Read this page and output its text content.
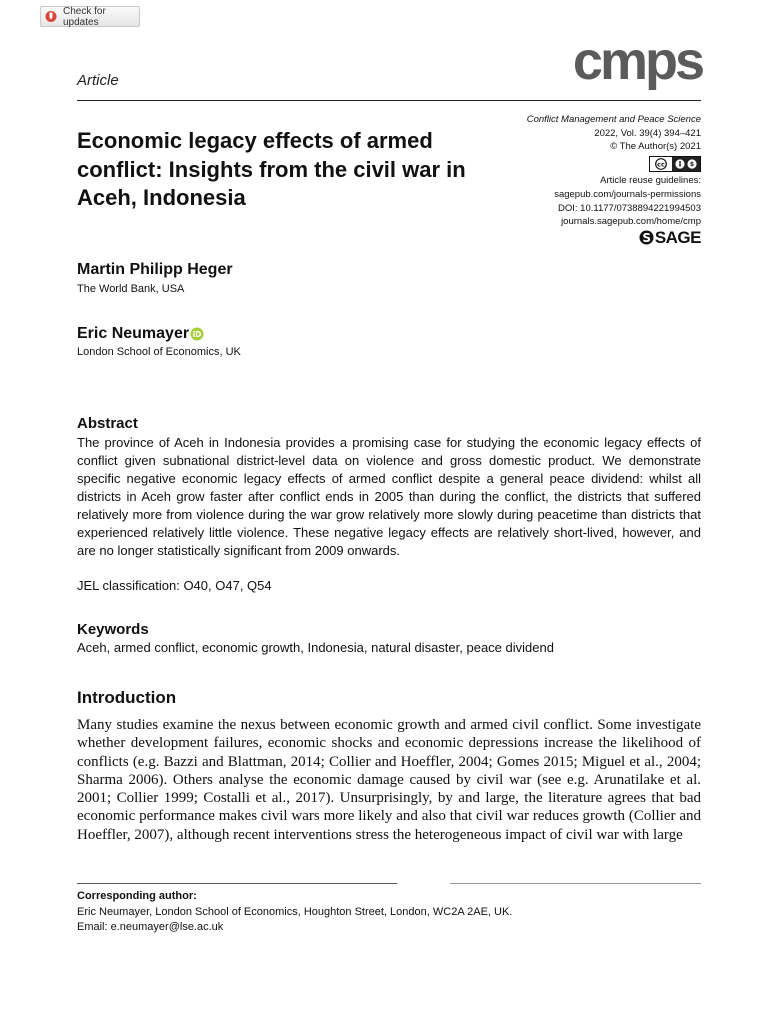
Check for updates
Article	cmps
Conflict Management and Peace Science
2022, Vol. 39(4) 394–421
© The Author(s) 2021
cc	$
Article reuse guidelines:
sagepub.com/journals-permissions
DOI: 10.1177/0738894221994503
journals.sagepub.com/home/cmp
S SAGE
Economic legacy effects of armed conflict: Insights from the civil war in Aceh, Indonesia
Martin Philipp Heger
The World Bank, USA
Eric Neumayer iD
London School of Economics, UK
Abstract

The province of Aceh in Indonesia provides a promising case for studying the economic legacy effects of conflict given subnational district-level data on violence and gross domestic product. We demonstrate specific negative economic legacy effects of armed conflict despite a general peace dividend: whilst all districts in Aceh grow faster after conflict ends in 2005 than during the conflict, the districts that suffered relatively more from violence during the war grow relatively more slowly during peacetime than districts that experienced relatively little violence. These negative legacy effects are relatively short-lived, however, and are no longer statistically significant from 2009 onwards.

JEL classification: O40, O47, Q54
Keywords
Aceh, armed conflict, economic growth, Indonesia, natural disaster, peace dividend
Introduction

Many studies examine the nexus between economic growth and armed civil conflict. Some investigate whether development failures, economic shocks and economic depressions increase the likelihood of conflicts (e.g. Bazzi and Blattman, 2014; Collier and Hoeffler, 2004; Gomes 2015; Miguel et al., 2004; Sharma 2006). Others analyse the economic damage caused by civil war (see e.g. Arunatilake et al. 2001; Collier 1999; Costalli et al., 2017). Unsurprisingly, by and large, the literature agrees that bad economic performance makes civil wars more likely and also that civil war reduces growth (Collier and Hoeffler, 2007), although recent interventions stress the heterogeneous impact of civil war with large

Corresponding author:
Eric Neumayer, London School of Economics, Houghton Street, London, WC2A 2AE, UK.
Email: e.neumayer@lse.ac.uk
